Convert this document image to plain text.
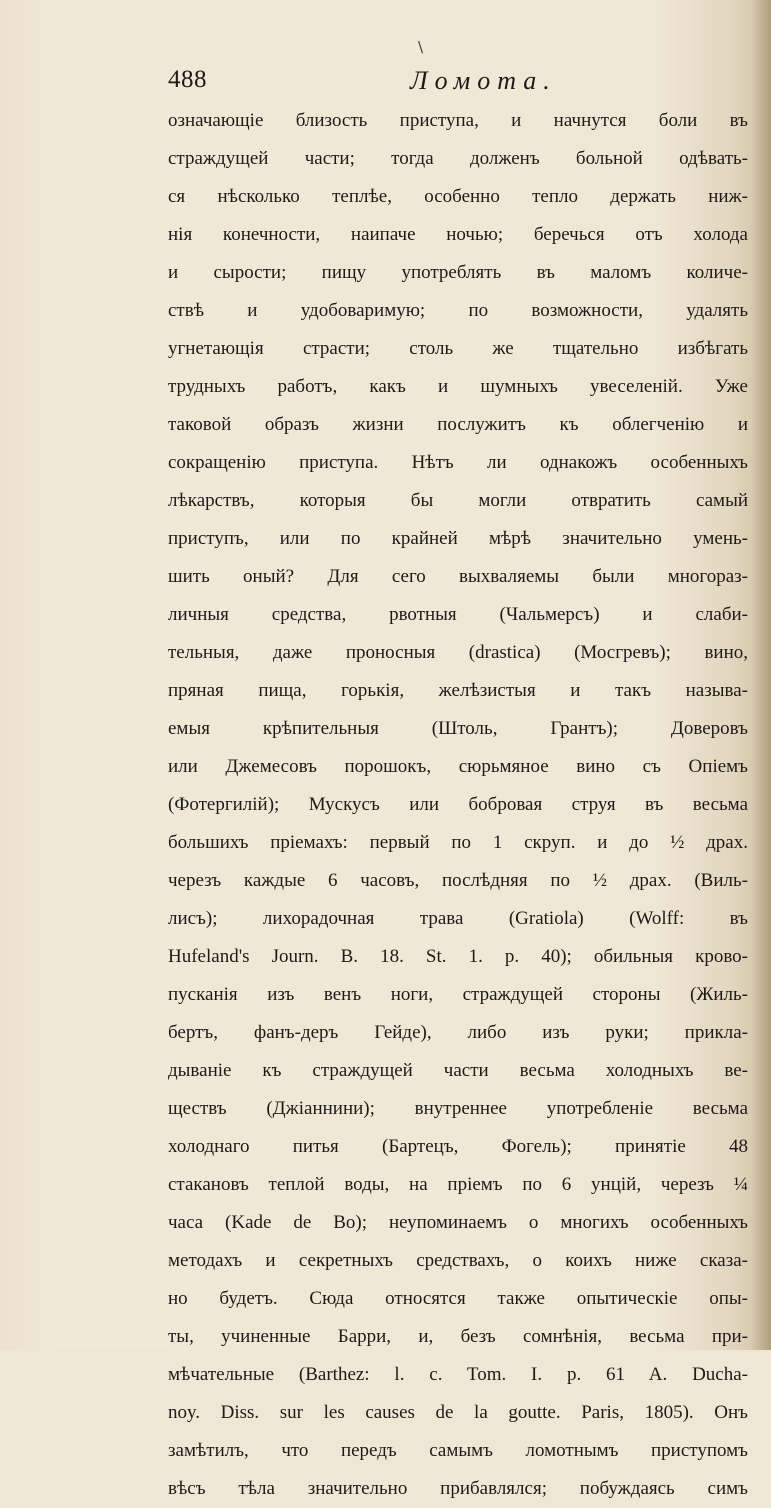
\
488	Ломота.
означающіе близость приступа, и начнутся боли въ
страждущей части; тогда долженъ больной одѣвать-
ся нѣсколько теплѣе, особенно тепло держать ниж-
нія конечности, наипаче ночью; беречься отъ холода
и сырости; пищу употреблять въ маломъ количе-
ствѣ и удобоваримую; по возможности, удалять
угнетающія страсти; столь же тщательно избѣгать
трудныхъ работъ, какъ и шумныхъ увеселеній. Уже
таковой образъ жизни послужитъ къ облегченію и
сокращенію приступа. Нѣтъ ли однакожъ особенныхъ
лѣкарствъ, которыя бы могли отвратить самый
приступъ, или по крайней мѣрѣ значительно умень-
шить оный? Для сего выхваляемы были многораз-
личныя средства, рвотныя (Чальмерсъ) и слаби-
тельныя, даже проносныя (drastica) (Мосгревъ); вино,
пряная пища, горькія, желѣзистыя и такъ называ-
емыя крѣпительныя (Штоль, Грантъ); Доверовъ
или Джемесовъ порошокъ, сюрьмяное вино съ Опіемъ
(Фотергилій); Мускусъ или бобровая струя въ весьма
большихъ пріемахъ: первый по 1 скруп. и до ½ драх.
черезъ каждые 6 часовъ, послѣдняя по ½ драх. (Виль-
лисъ); лихорадочная трава (Gratiola) (Wolff: въ
Hufeland's Journ. B. 18. St. 1. p. 40); обильныя крово-
пусканія изъ венъ ноги, страждущей стороны (Жиль-
бертъ, фанъ-деръ Гейде), либо изъ руки; прикла-
дываніе къ страждущей части весьма холодныхъ ве-
ществъ (Джіаннини); внутреннее употребленіе весьма
холоднаго питья (Бартецъ, Фогель); принятіе 48
стакановъ теплой воды, на пріемъ по 6 унцій, черезъ ¼
часа (Kade de Bo); неупоминаемъ о многихъ особенныхъ
методахъ и секретныхъ средствахъ, о коихъ ниже сказа-
но будетъ. Сюда относятся также опытическіе опы-
ты, учиненные Барри, и, безъ сомнѣнія, весьма при-
мѣчательные (Barthez: l. c. Tom. I. p. 61 A. Ducha-
noy. Diss. sur les causes de la goutte. Paris, 1805). Онъ
замѣтилъ, что передъ самымъ ломотнымъ приступомъ
вѣсъ тѣла значительно прибавлялся; побуждаясь симъ
